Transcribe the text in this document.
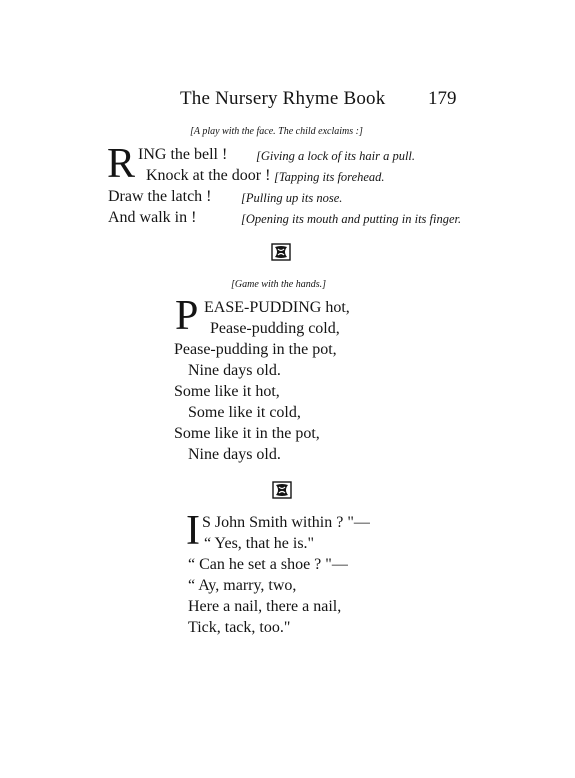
The Nursery Rhyme Book 179
[A play with the face. The child exclaims :]
R ING the bell ! [Giving a lock of its hair a pull.
Knock at the door ! [Tapping its forehead.
Draw the latch ! [Pulling up its nose.
And walk in !	[Opening its mouth and putting in its finger.
[Game with the hands.]
P EASE-PUDDING hot,
Pease-pudding cold,
Pease-pudding in the pot,
Nine days old.
Some like it hot,
Some like it cold,
Some like it in the pot,
Nine days old.
I S John Smith within ? "—
“ Yes, that he is."
“ Can he set a shoe ? "—
“ Ay, marry, two,
Here a nail, there a nail,
Tick, tack, too."
